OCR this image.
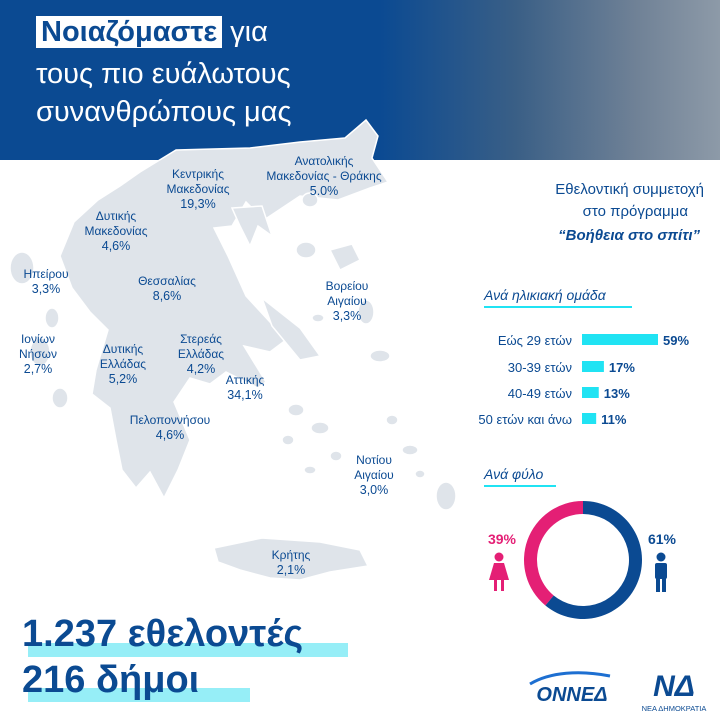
Νοιαζόμαστε για
τους πιο ευάλωτους
συνανθρώπους μας
Κεντρικής
Μακεδονίας
19,3%
Ανατολικής
Μακεδονίας - Θράκης
5.0%
Δυτικής
Μακεδονίας
4,6%
Ηπείρου
3,3%
Θεσσαλίας
8,6%
Βορείου
Αιγαίου
3,3%
Ιονίων
Νήσων
2,7%
Δυτικής
Ελλάδας
5,2%
Στερεάς
Ελλάδας
4,2%
Αττικής
34,1%
Πελοποννήσου
4,6%
Νοτίου
Αιγαίου
3,0%
Κρήτης
2,1%
Εθελοντική συμμετοχή
στο πρόγραμμα
“Βοήθεια στο σπίτι”
Ανά ηλικιακή ομάδα
Εώς 29 ετών	59%
30-39 ετών	17%
40-49 ετών 13%
50 ετών και άνω 11%
Ανά φύλο
39%	61%
1.237 εθελοντές
216 δήμοι	ΟΝΝΕΔ ΝΔ
ΝΕΑ ΔΗΜΟΚΡΑΤΙΑ
